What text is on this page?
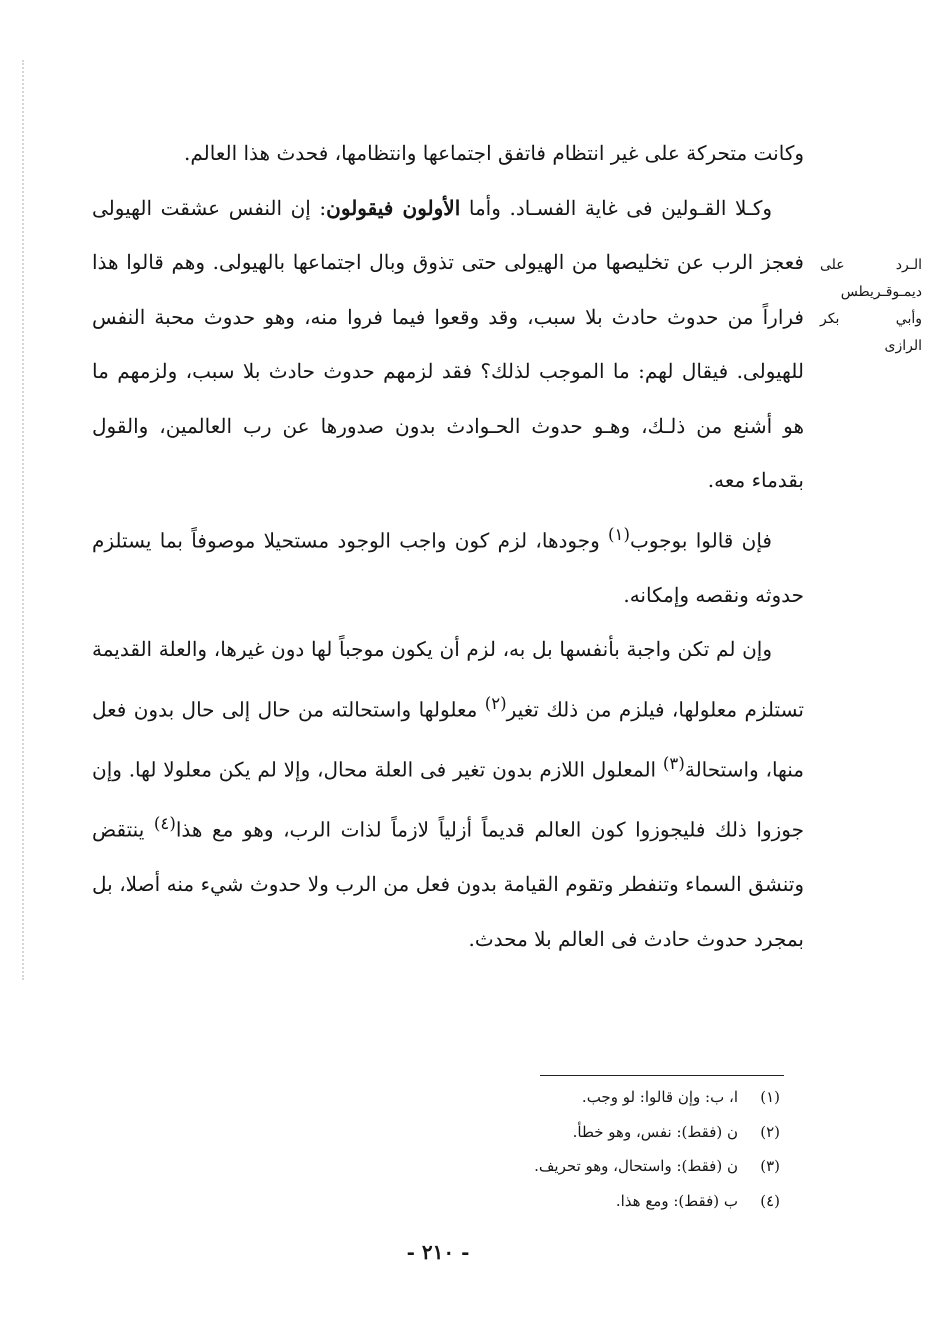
الـرد على
ديمـوقـريطس
وأبي بكر
الرازى

وكانت متحركة على غير انتظام فاتفق اجتماعها وانتظامها، فحدث هذا العالم.

وكـلا القـولين فى غاية الفسـاد. وأما الأولون فيقولون: إن النفس عشقت الهيولى فعجز الرب عن تخليصها من الهيولى حتى تذوق وبال اجتماعها بالهيولى. وهم قالوا هذا فراراً من حدوث حادث بلا سبب، وقد وقعوا فيما فروا منه، وهو حدوث محبة النفس للهيولى. فيقال لهم: ما الموجب لذلك؟ فقد لزمهم حدوث حادث بلا سبب، ولزمهم ما هو أشنع من ذلـك، وهـو حدوث الحـوادث بدون صدورها عن رب العالمين، والقول بقدماء معه.

فإن قالوا بوجوب$^{(١)}$ وجودها، لزم كون واجب الوجود مستحيلا موصوفاً بما يستلزم حدوثه ونقصه وإمكانه.

وإن لم تكن واجبة بأنفسها بل به، لزم أن يكون موجباً لها دون غيرها، والعلة القديمة تستلزم معلولها، فيلزم من ذلك تغير$^{(٢)}$ معلولها واستحالته من حال إلى حال بدون فعل منها، واستحالة$^{(٣)}$ المعلول اللازم بدون تغير فى العلة محال، وإلا لم يكن معلولا لها. وإن جوزوا ذلك فليجوزوا كون العالم قديماً أزلياً لازماً لذات الرب، وهو مع هذا$^{(٤)}$ ينتقض وتنشق السماء وتنفطر وتقوم القيامة بدون فعل من الرب ولا حدوث شيء منه أصلا، بل بمجرد حدوث حادث فى العالم بلا محدث.

(١)ا، ب: وإن قالوا: لو وجب.

(٢)ن (فقط): نفس، وهو خطأ.

(٣)ن (فقط): واستحال، وهو تحريف.

(٤)ب (فقط): ومع هذا.

- ٢١٠ -
